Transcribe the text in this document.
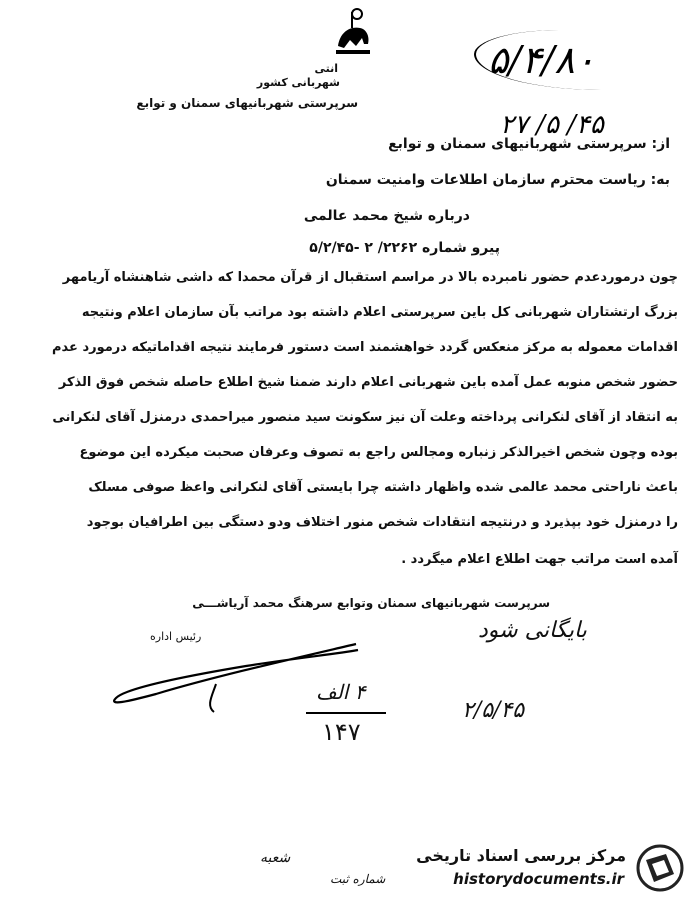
انتی
شهربانی کشور
سرپرستی شهربانیهای سمنان و توابع
۵/۴/۸۰
۲۷ /۵ /۴۵
از: سرپرستی شهربانیهای سمنان و توابع
به: ریاست محترم سازمان اطلاعات وامنیت سمنان
درباره شیخ محمد عالمی
پیرو شماره ۲۲۶۲/ ۲ -۵/۲/۴۵
چون درموردعدم حضور نامبرده بالا در مراسم استقبال از قرآن محمدا که داشی شاهنشاه آریامهر
بزرگ ارتشتاران شهربانی کل باین سرپرستی اعلام داشته بود مراتب بآن سازمان اعلام ونتیجه
اقدامات معموله به مرکز منعکس گردد خواهشمند است دستور فرمایند نتیجه اقداماتیکه درمورد عدم
حضور شخص منوبه عمل آمده باین شهربانی اعلام دارند ضمنا شیخ اطلاع حاصله شخص فوق الذکر
به انتقاد از آقای لنکرانی پرداخته وعلت آن نیز سکونت سید منصور میراحمدی درمنزل آقای لنکرانی
بوده وچون شخص اخیرالذکر زنباره ومجالس راجع به تصوف وعرفان صحبت میکرده این موضوع
باعث ناراحتی محمد عالمی شده واظهار داشته چرا بایستی آقای لنکرانی واعظ صوفی مسلک
را درمنزل خود بپذیرد و درنتیجه انتقادات شخص منور اختلاف ودو دستگی بین اطرافیان بوجود
آمده است مراتب جهت اطلاع اعلام میگردد .
سرپرست شهربانیهای سمنان وتوابع سرهنگ محمد آریاشـــی
رئیس اداره	بایگانی شود
۲/۵/۴۵
۴ الف
۱۴۷
شعبه
شماره ثبت
مرکز بررسی اسناد تاریخی
historydocuments.ir
